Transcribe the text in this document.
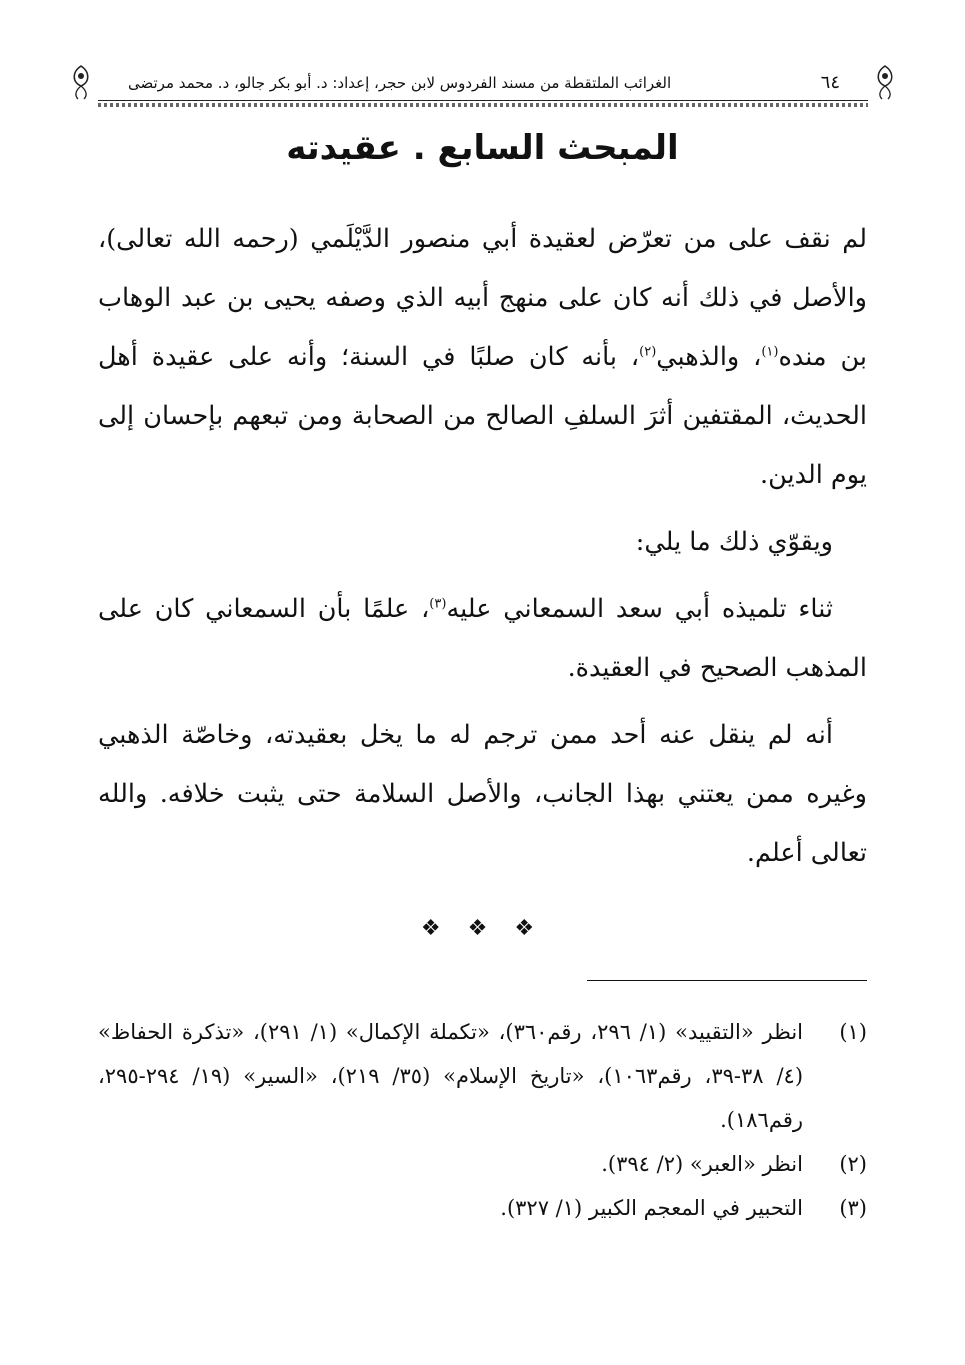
٦٤
الغرائب الملتقطة من مسند الفردوس لابن حجر، إعداد: د. أبو بكر جالو، د. محمد مرتضى
المبحث السابع . عقيدته

لم نقف على من تعرّض لعقيدة أبي منصور الدَّيْلَمي (رحمه الله تعالى)، والأصل في ذلك أنه كان على منهج أبيه الذي وصفه يحيى بن عبد الوهاب بن منده$^{(١)}$، والذهبي$^{(٢)}$، بأنه كان صلبًا في السنة؛ وأنه على عقيدة أهل الحديث، المقتفين أثرَ السلفِ الصالح من الصحابة ومن تبعهم بإحسان إلى يوم الدين.

ويقوّي ذلك ما يلي:

ثناء تلميذه أبي سعد السمعاني عليه$^{(٣)}$، علمًا بأن السمعاني كان على المذهب الصحيح في العقيدة.

أنه لم ينقل عنه أحد ممن ترجم له ما يخل بعقيدته، وخاصّة الذهبي وغيره ممن يعتني بهذا الجانب، والأصل السلامة حتى يثبت خلافه. والله تعالى أعلم.

❖ ❖ ❖

(١)
انظر «التقييد» (١/ ٢٩٦، رقم٣٦٠)، «تكملة الإكمال» (١/ ٢٩١)، «تذكرة الحفاظ» (٤/ ٣٨-٣٩، رقم١٠٦٣)، «تاريخ الإسلام» (٣٥/ ٢١٩)، «السير» (١٩/ ٢٩٤-٢٩٥، رقم١٨٦).

(٢)
انظر «العبر» (٢/ ٣٩٤).

(٣)
التحبير في المعجم الكبير (١/ ٣٢٧).
